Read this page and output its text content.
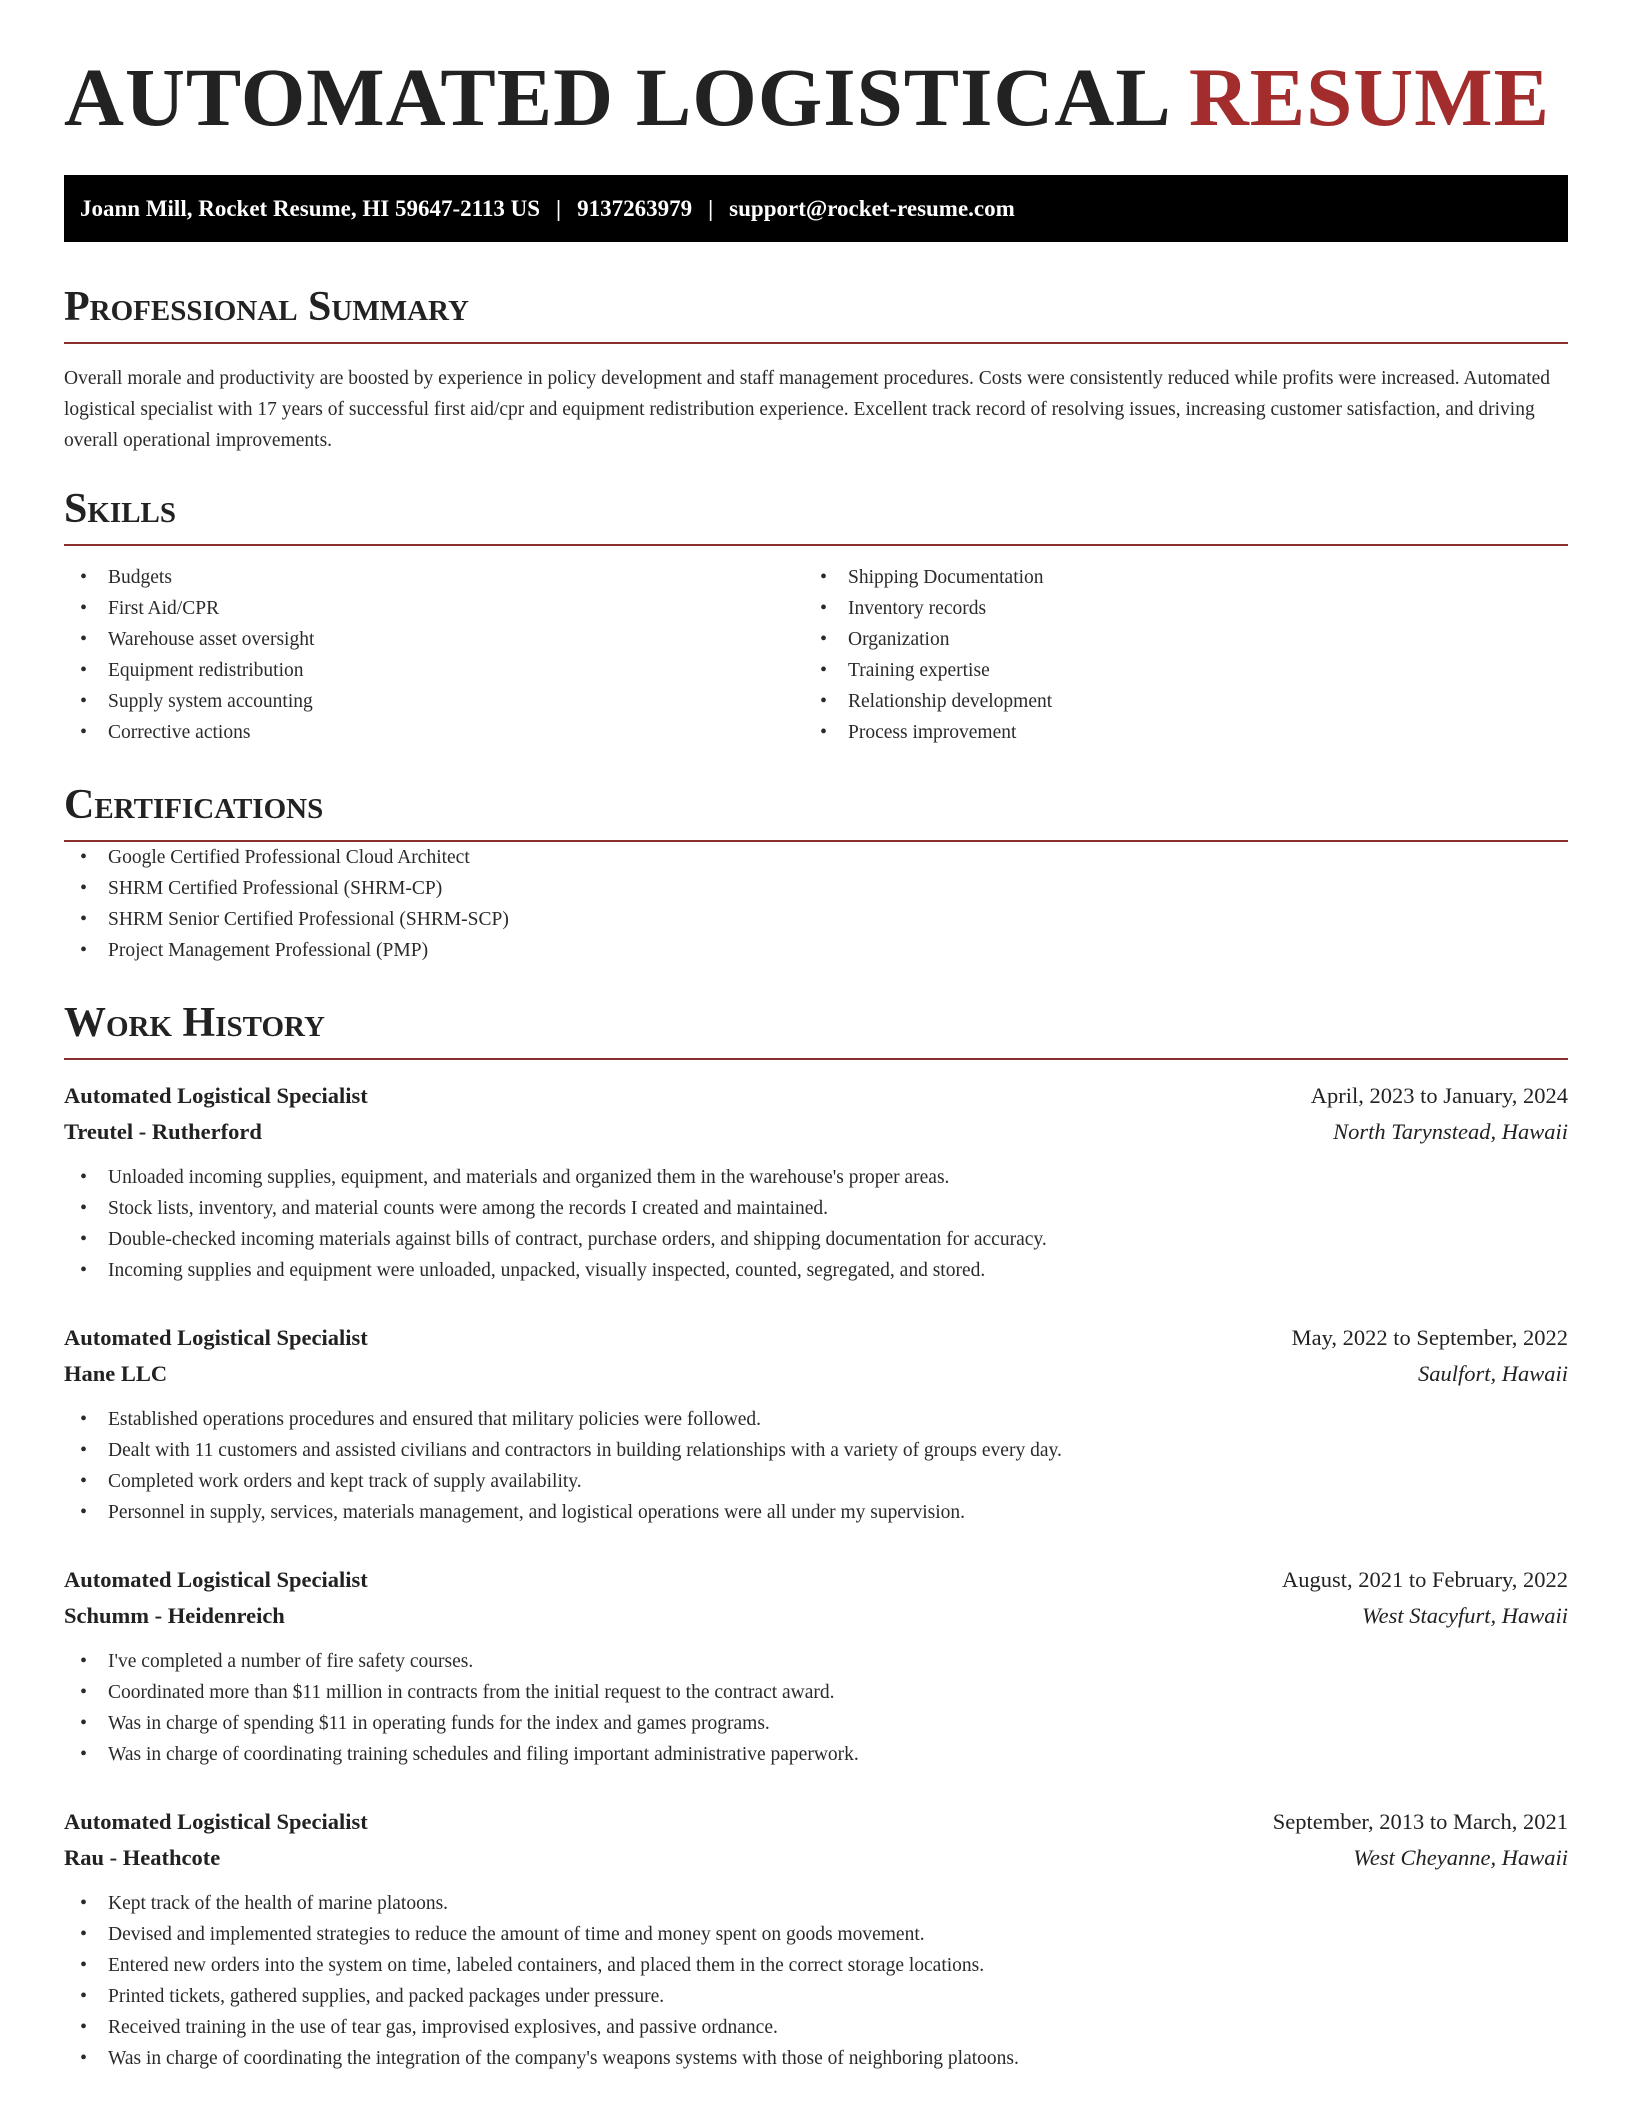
AUTOMATED LOGISTICAL RESUME
Joann Mill, Rocket Resume, HI 59647-2113 US | 9137263979 | support@rocket-resume.com
Professional Summary

Overall morale and productivity are boosted by experience in policy development and staff management procedures. Costs were consistently reduced while profits were increased. Automated logistical specialist with 17 years of successful first aid/cpr and equipment redistribution experience. Excellent track record of resolving issues, increasing customer satisfaction, and driving overall operational improvements.

Skills
• Budgets
• First Aid/CPR
• Warehouse asset oversight
• Equipment redistribution
• Supply system accounting
• Corrective actions
• Shipping Documentation
• Inventory records
• Organization
• Training expertise
• Relationship development
• Process improvement
Certifications
• Google Certified Professional Cloud Architect
• SHRM Certified Professional (SHRM-CP)
• SHRM Senior Certified Professional (SHRM-SCP)
• Project Management Professional (PMP)
Work History
Automated Logistical Specialist	April, 2023 to January, 2024
Treutel - Rutherford	North Tarynstead, Hawaii
• Unloaded incoming supplies, equipment, and materials and organized them in the warehouse's proper areas.
• Stock lists, inventory, and material counts were among the records I created and maintained.
• Double-checked incoming materials against bills of contract, purchase orders, and shipping documentation for accuracy.
• Incoming supplies and equipment were unloaded, unpacked, visually inspected, counted, segregated, and stored.
Automated Logistical Specialist	May, 2022 to September, 2022
Hane LLC	Saulfort, Hawaii
• Established operations procedures and ensured that military policies were followed.
• Dealt with 11 customers and assisted civilians and contractors in building relationships with a variety of groups every day.
• Completed work orders and kept track of supply availability.
• Personnel in supply, services, materials management, and logistical operations were all under my supervision.
Automated Logistical Specialist	August, 2021 to February, 2022
Schumm - Heidenreich	West Stacyfurt, Hawaii
• I've completed a number of fire safety courses.
• Coordinated more than $11 million in contracts from the initial request to the contract award.
• Was in charge of spending $11 in operating funds for the index and games programs.
• Was in charge of coordinating training schedules and filing important administrative paperwork.
Automated Logistical Specialist	September, 2013 to March, 2021
Rau - Heathcote	West Cheyanne, Hawaii
• Kept track of the health of marine platoons.
• Devised and implemented strategies to reduce the amount of time and money spent on goods movement.
• Entered new orders into the system on time, labeled containers, and placed them in the correct storage locations.
• Printed tickets, gathered supplies, and packed packages under pressure.
• Received training in the use of tear gas, improvised explosives, and passive ordnance.
• Was in charge of coordinating the integration of the company's weapons systems with those of neighboring platoons.
